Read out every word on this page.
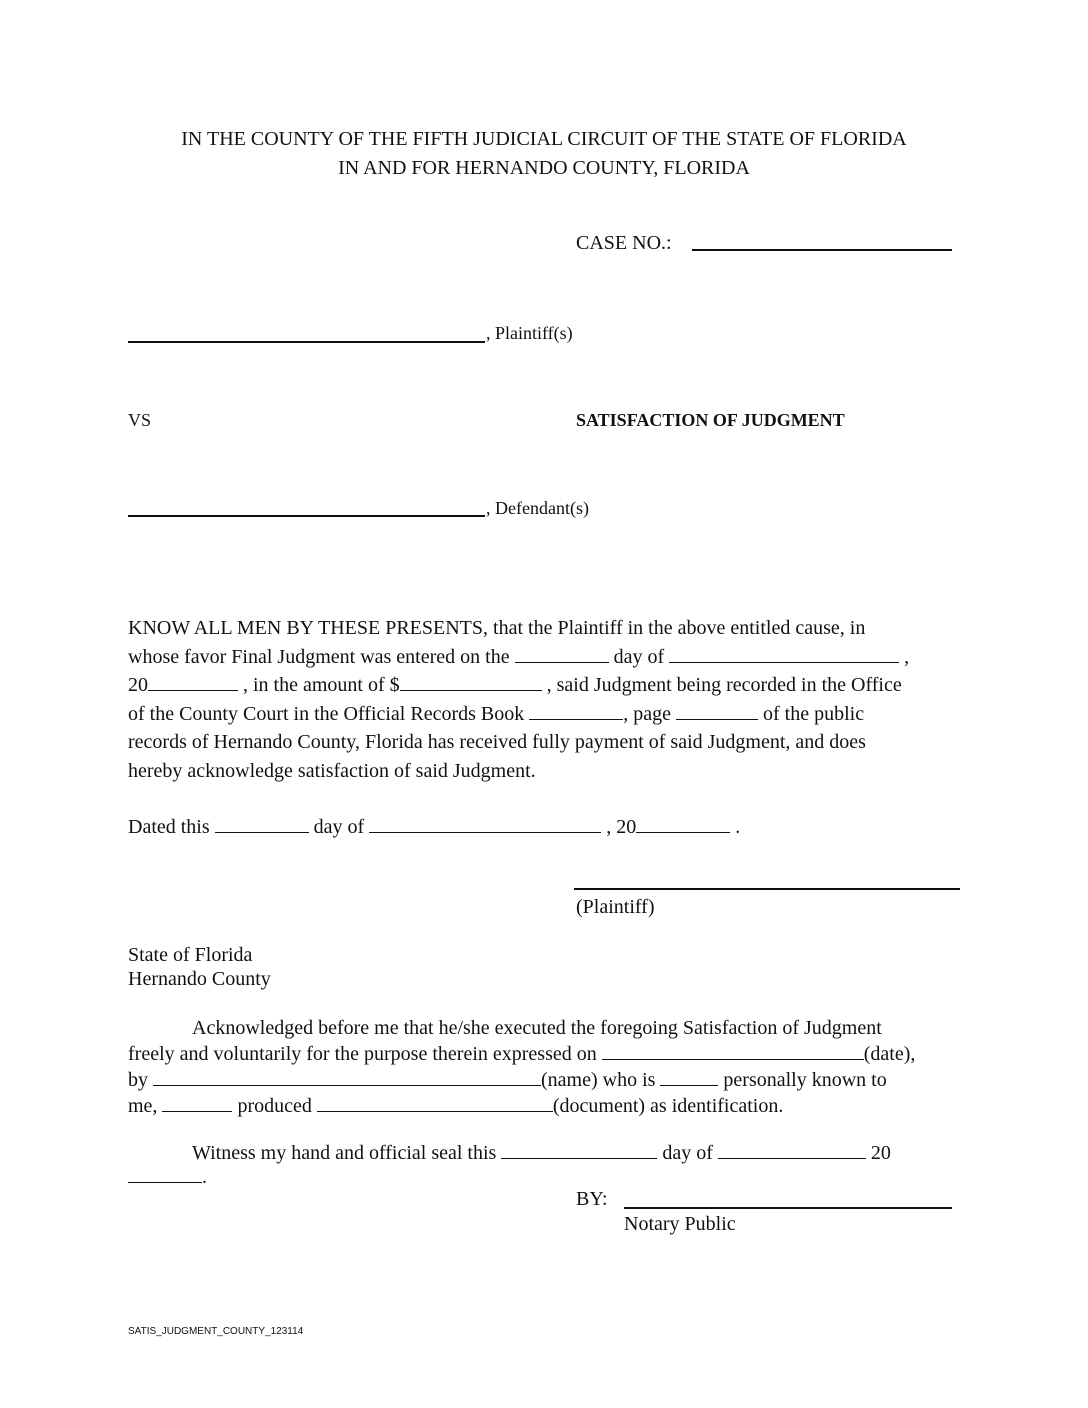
IN THE COUNTY OF THE FIFTH JUDICIAL CIRCUIT OF THE STATE OF FLORIDA
IN AND FOR HERNANDO COUNTY, FLORIDA
CASE NO.:
, Plaintiff(s)
VS	SATISFACTION OF JUDGMENT
, Defendant(s)
KNOW ALL MEN BY THESE PRESENTS, that the Plaintiff in the above entitled cause, in
whose favor Final Judgment was entered on the	day of	,
20	, in the amount of $	, said Judgment being recorded in the Office
of the County Court in the Official Records Book	, page	of the public
records of Hernando County, Florida has received fully payment of said Judgment, and does
hereby acknowledge satisfaction of said Judgment.
Dated this	day of	, 20	.
(Plaintiff)
State of Florida
Hernando County
Acknowledged before me that he/she executed the foregoing Satisfaction of Judgment
freely and voluntarily for the purpose therein expressed on	(date),
by	(name) who is	personally known to
me,	produced	(document) as identification.
Witness my hand and official seal this	day of	20
.
BY:
Notary Public
SATIS_JUDGMENT_COUNTY_123114
